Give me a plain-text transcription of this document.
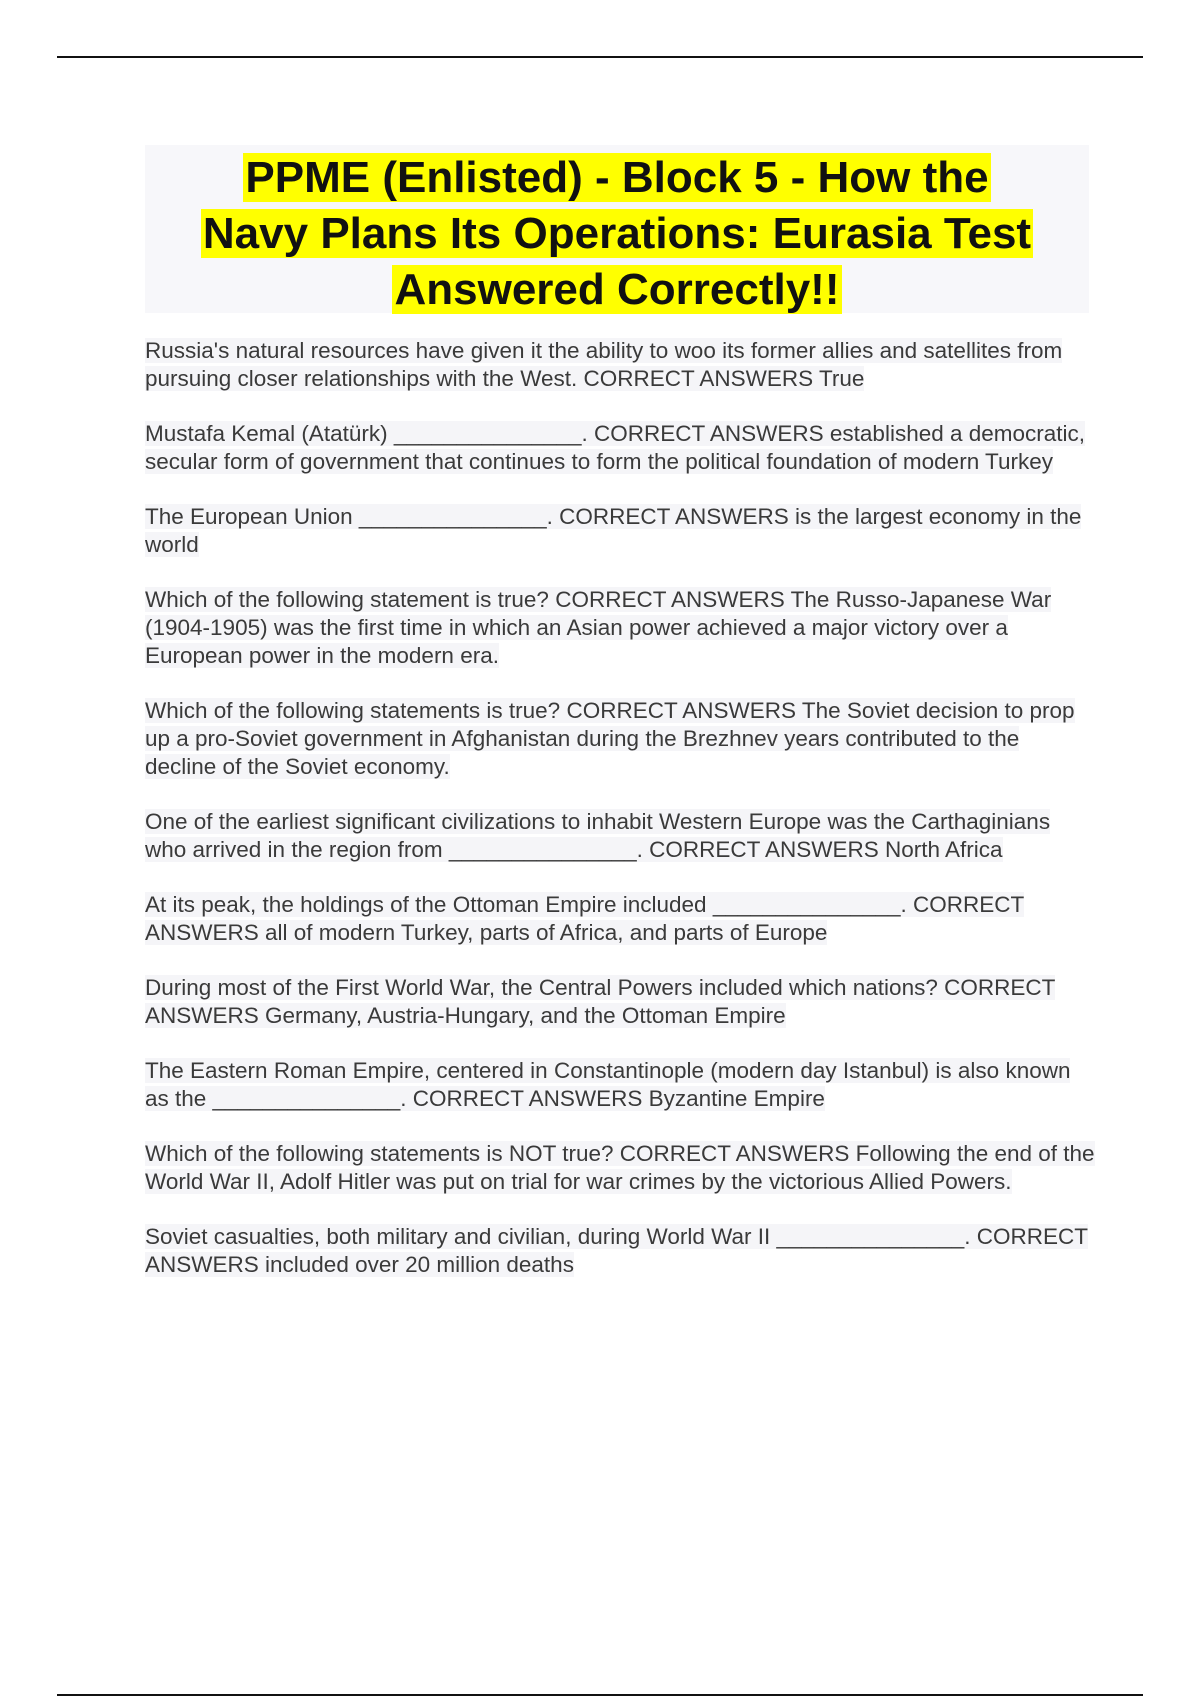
PPME (Enlisted) - Block 5 - How the
Navy Plans Its Operations: Eurasia Test
Answered Correctly!!

Russia's natural resources have given it the ability to woo its former allies and satellites from pursuing closer relationships with the West. CORRECT ANSWERS True

Mustafa Kemal (Atatürk) _______________. CORRECT ANSWERS established a democratic, secular form of government that continues to form the political foundation of modern Turkey

The European Union _______________. CORRECT ANSWERS is the largest economy in the world

Which of the following statement is true? CORRECT ANSWERS The Russo-Japanese War (1904-1905) was the first time in which an Asian power achieved a major victory over a European power in the modern era.

Which of the following statements is true? CORRECT ANSWERS The Soviet decision to prop up a pro-Soviet government in Afghanistan during the Brezhnev years contributed to the decline of the Soviet economy.

One of the earliest significant civilizations to inhabit Western Europe was the Carthaginians who arrived in the region from _______________. CORRECT ANSWERS North Africa

At its peak, the holdings of the Ottoman Empire included _______________. CORRECT ANSWERS all of modern Turkey, parts of Africa, and parts of Europe

During most of the First World War, the Central Powers included which nations? CORRECT ANSWERS Germany, Austria-Hungary, and the Ottoman Empire

The Eastern Roman Empire, centered in Constantinople (modern day Istanbul) is also known as the _______________. CORRECT ANSWERS Byzantine Empire

Which of the following statements is NOT true? CORRECT ANSWERS Following the end of the World War II, Adolf Hitler was put on trial for war crimes by the victorious Allied Powers.

Soviet casualties, both military and civilian, during World War II _______________. CORRECT ANSWERS included over 20 million deaths
